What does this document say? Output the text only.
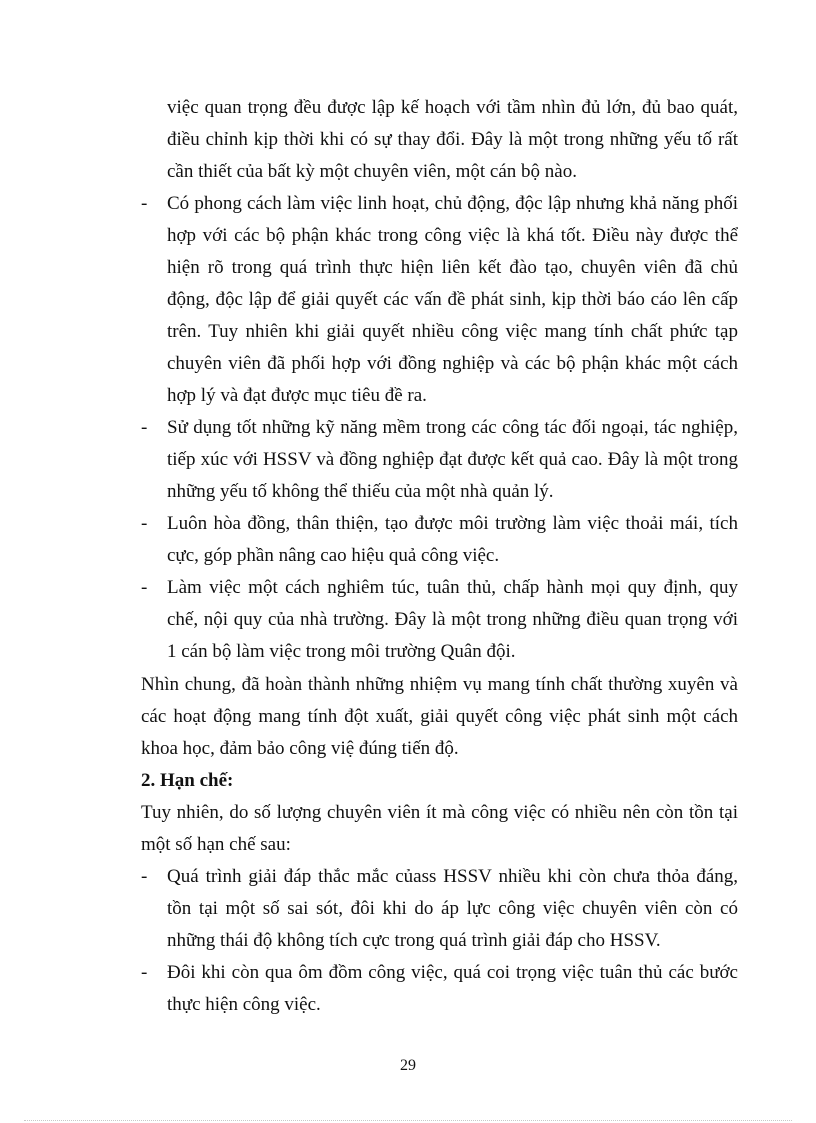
việc quan trọng đều được lập kế hoạch với tầm nhìn đủ lớn, đủ bao quát,
điều chỉnh kịp thời khi có sự thay đổi. Đây là một trong những yếu tố rất
cần thiết của bất kỳ một chuyên viên, một cán bộ nào.
- Có phong cách làm việc linh hoạt, chủ động, độc lập nhưng khả năng phối
hợp với các bộ phận khác trong công việc là khá tốt. Điều này được thể
hiện rõ trong quá trình thực hiện liên kết đào tạo, chuyên viên đã chủ
động, độc lập để giải quyết các vấn đề phát sinh, kịp thời báo cáo lên cấp
trên. Tuy nhiên khi giải quyết nhiều công việc mang tính chất phức tạp
chuyên viên đã phối hợp với đồng nghiệp và các bộ phận khác một cách
hợp lý và đạt được mục tiêu đề ra.
- Sử dụng tốt những kỹ năng mềm trong các công tác đối ngoại, tác nghiệp,
tiếp xúc với HSSV và đồng nghiệp đạt được kết quả cao. Đây là một trong
những yếu tố không thể thiếu của một nhà quản lý.
- Luôn hòa đồng, thân thiện, tạo được môi trường làm việc thoải mái, tích
cực, góp phần nâng cao hiệu quả công việc.
- Làm việc một cách nghiêm túc, tuân thủ, chấp hành mọi quy định, quy
chế, nội quy của nhà trường. Đây là một trong những điều quan trọng với
1 cán bộ làm việc trong môi trường Quân đội.
Nhìn chung, đã hoàn thành những nhiệm vụ mang tính chất thường xuyên và
các hoạt động mang tính đột xuất, giải quyết công việc phát sinh một cách
khoa học, đảm bảo công việ đúng tiến độ.
2. Hạn chế:
Tuy nhiên, do số lượng chuyên viên ít mà công việc có nhiều nên còn tồn tại
một số hạn chế sau:
- Quá trình giải đáp thắc mắc củass HSSV nhiều khi còn chưa thỏa đáng,
tồn tại một số sai sót, đôi khi do áp lực công việc chuyên viên còn có
những thái độ không tích cực trong quá trình giải đáp cho HSSV.
- Đôi khi còn qua ôm đồm công việc, quá coi trọng việc tuân thủ các bước
thực hiện công việc.
29
